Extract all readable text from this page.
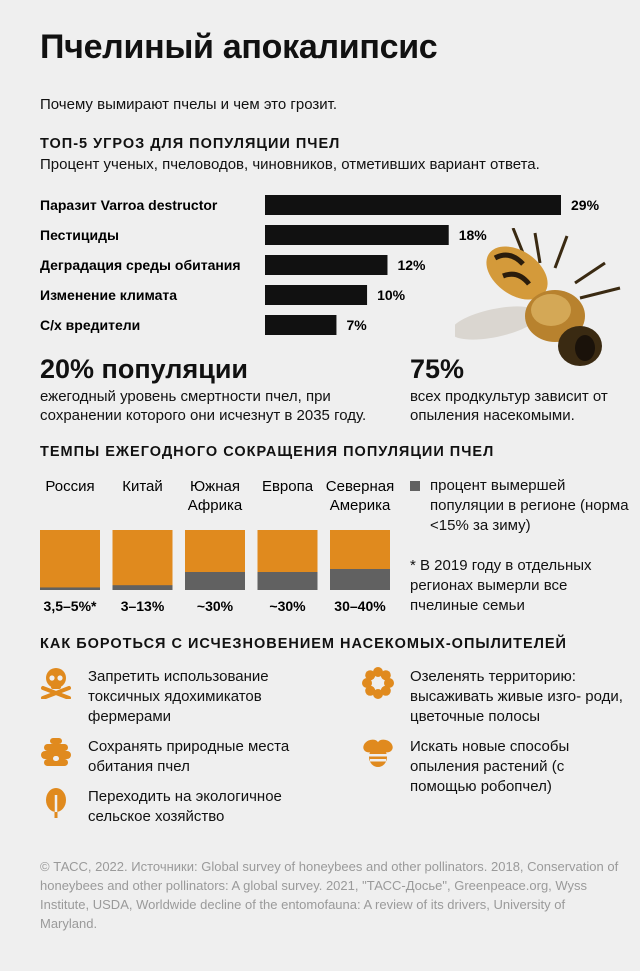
Пчелиный апокалипсис
Почему вымирают пчелы и чем это грозит.
ТОП-5 УГРОЗ ДЛЯ ПОПУЛЯЦИИ ПЧЕЛ
Процент ученых, пчеловодов, чиновников, отметивших вариант ответа.
Паразит Varroa destructor	29%
Пестициды	18%
Деградация среды обитания	12%
Изменение климата	10%
С/х вредители	7%
20% популяции
ежегодный уровень смертности пчел, при сохранении которого они исчезнут в 2035 году.
75%
всех продкультур зависит от опыления насекомыми.
ТЕМПЫ ЕЖЕГОДНОГО СОКРАЩЕНИЯ ПОПУЛЯЦИИ ПЧЕЛ
Россия
3,5–5%*
Китай
3–13%
Южная
Африка
~30%
Европа
~30%
Северная
Америка
30–40%
процент вымершей популяции в регионе (норма <15% за зиму)
* В 2019 году в отдельных регионах вымерли все пчелиные семьи
КАК БОРОТЬСЯ С ИСЧЕЗНОВЕНИЕМ НАСЕКОМЫХ-ОПЫЛИТЕЛЕЙ
Запретить использование токсичных ядохимикатов фермерами
Озеленять территорию: высаживать живые изго- роди, цветочные полосы
Сохранять природные места обитания пчел
Искать новые способы опыления растений (с помощью робопчел)
Переходить на экологичное сельское хозяйство
© ТАСС, 2022. Источники: Global survey of honeybees and other pollinators. 2018, Conservation of honeybees and other pollinators: A global survey. 2021, "ТАСС-Досье", Greenpeace.org, Wyss Institute, USDA, Worldwide decline of the entomofauna: A review of its drivers, University of Maryland.
